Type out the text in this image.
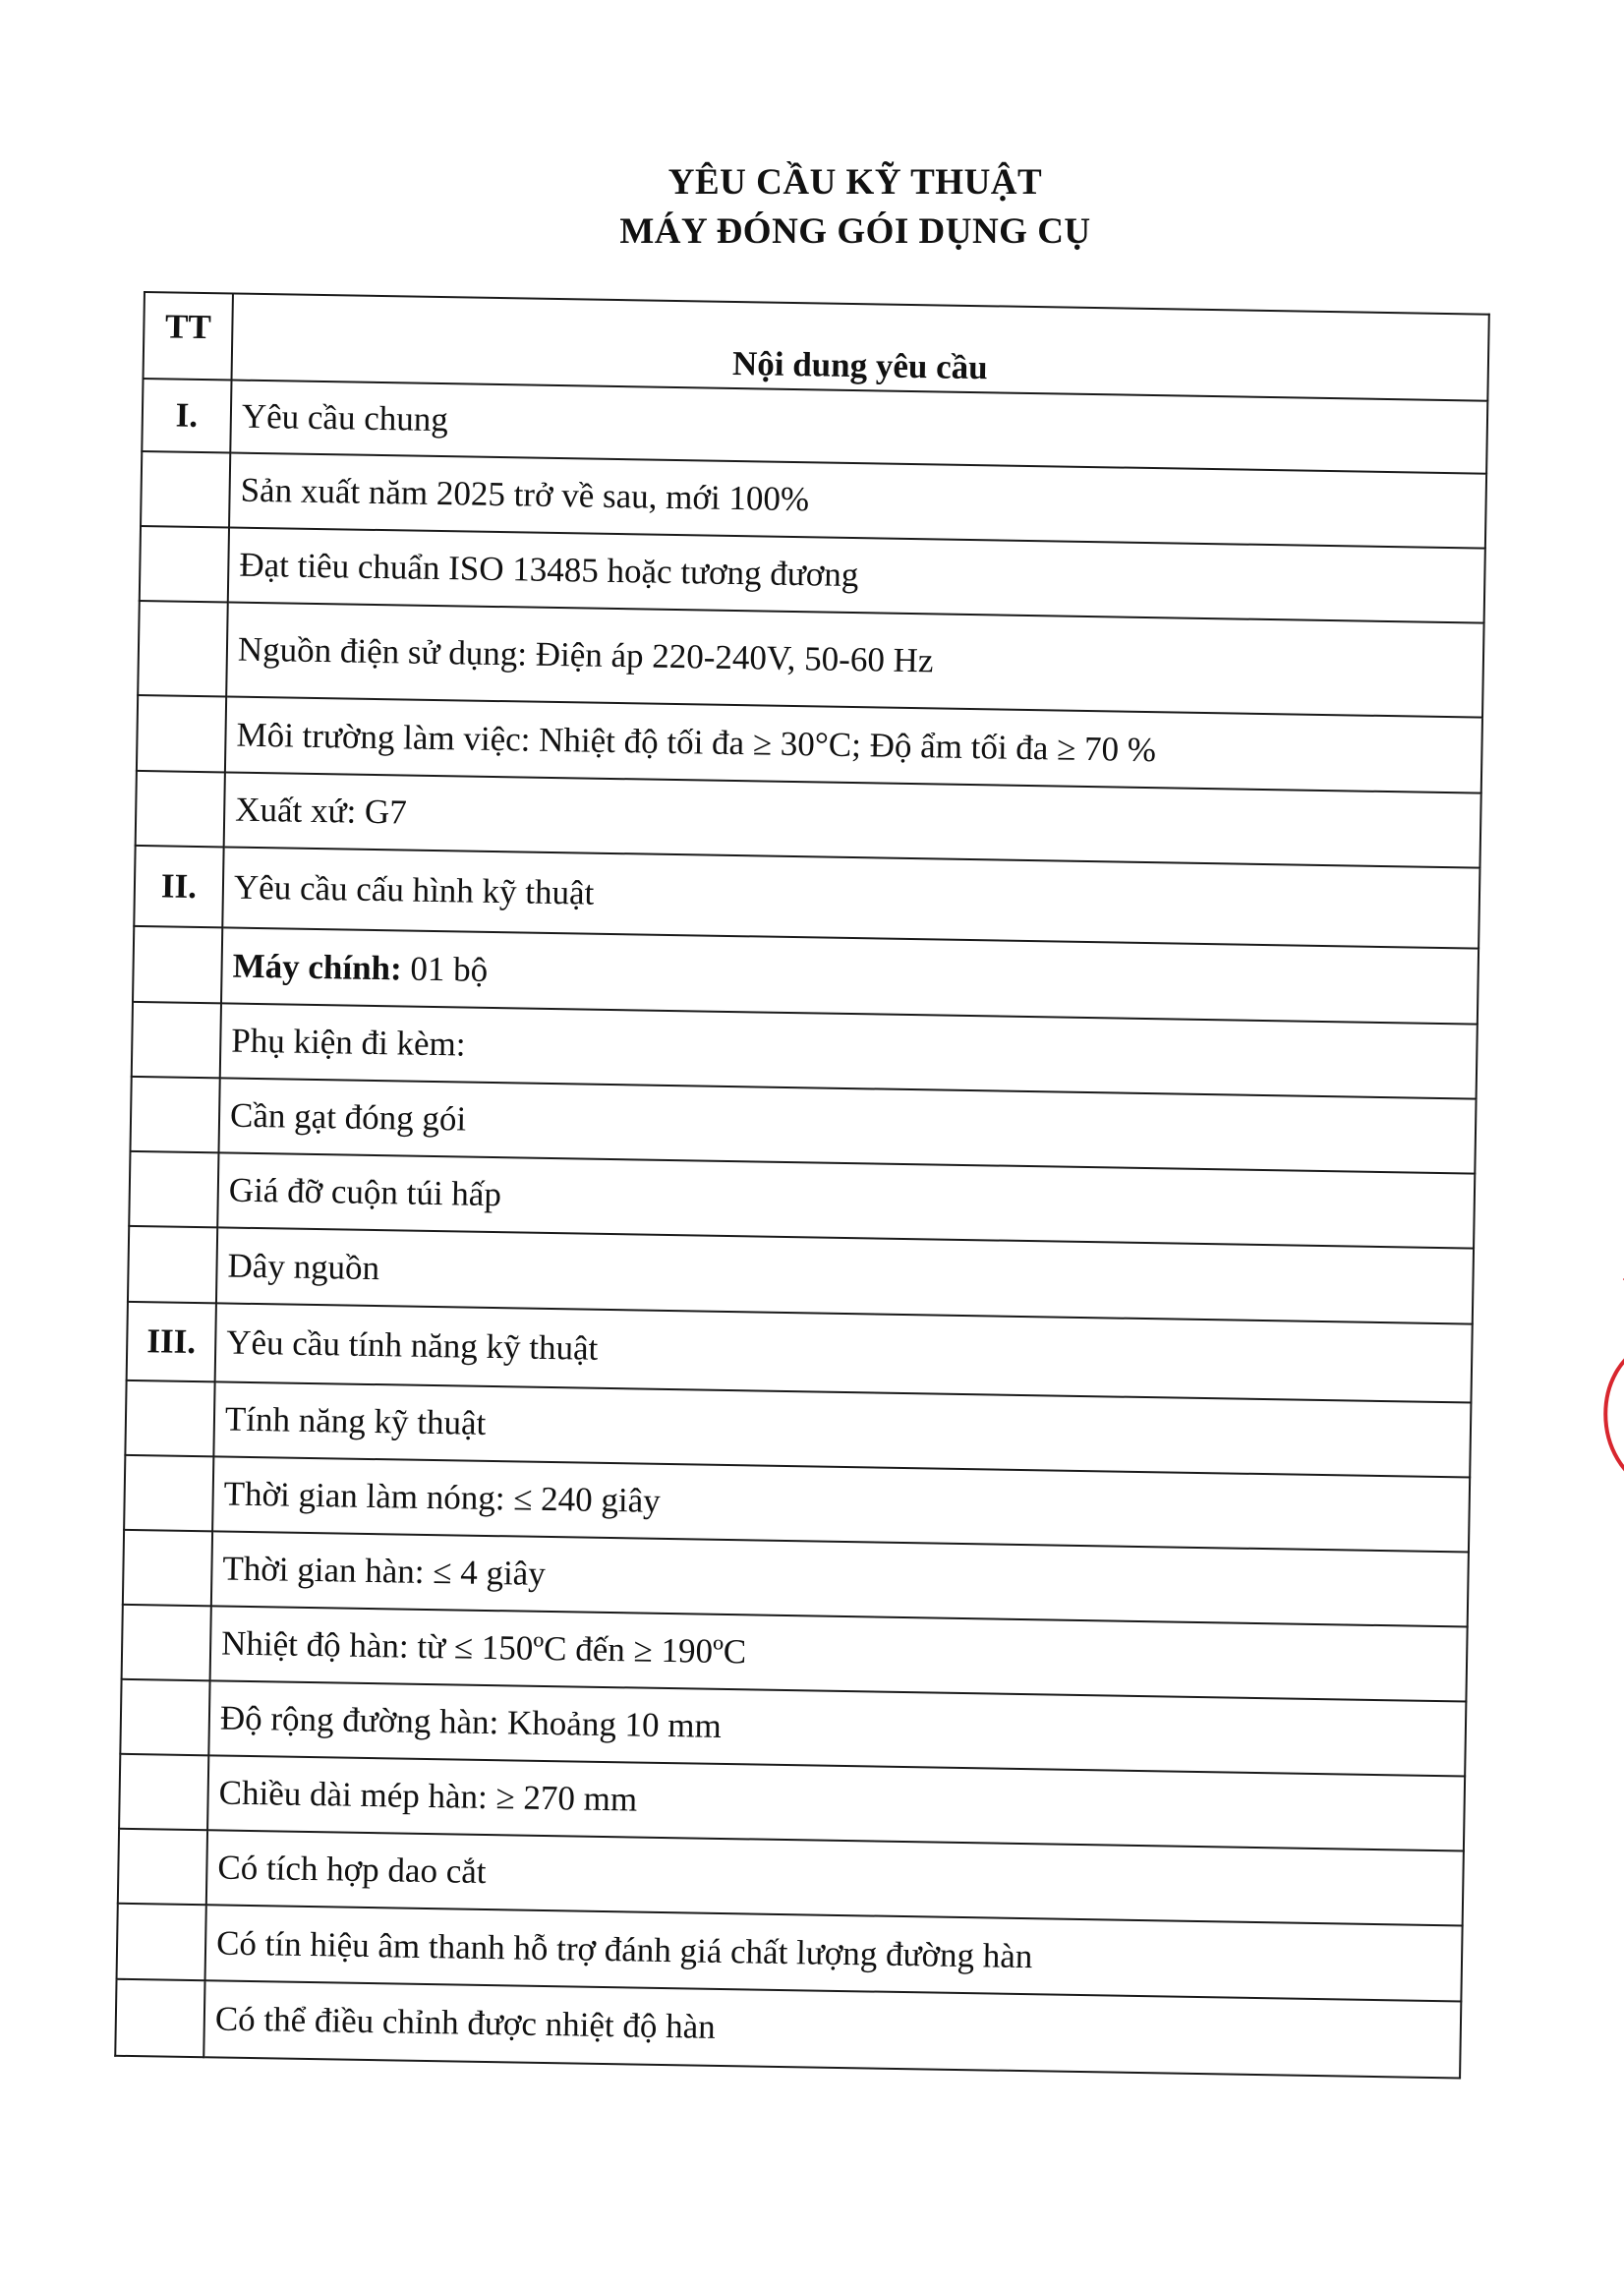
YÊU CẦU KỸ THUẬT
MÁY ĐÓNG GÓI DỤNG CỤ
TT	Nội dung yêu cầu
I.	Yêu cầu chung
	Sản xuất năm 2025 trở về sau, mới 100%
	Đạt tiêu chuẩn ISO 13485 hoặc tương đương
	Nguồn điện sử dụng: Điện áp 220-240V, 50-60 Hz
	Môi trường làm việc: Nhiệt độ tối đa ≥ 30°C; Độ ẩm tối đa ≥ 70 %
	Xuất xứ: G7
II.	Yêu cầu cấu hình kỹ thuật
	Máy chính: 01 bộ
	Phụ kiện đi kèm:
	Cần gạt đóng gói
	Giá đỡ cuộn túi hấp
	Dây nguồn
III.	Yêu cầu tính năng kỹ thuật
	Tính năng kỹ thuật
	Thời gian làm nóng: ≤ 240 giây
	Thời gian hàn: ≤ 4 giây
	Nhiệt độ hàn: từ ≤ 150ºC đến ≥ 190ºC
	Độ rộng đường hàn: Khoảng 10 mm
	Chiều dài mép hàn: ≥ 270 mm
	Có tích hợp dao cắt
	Có tín hiệu âm thanh hỗ trợ đánh giá chất lượng đường hàn
	Có thể điều chỉnh được nhiệt độ hàn
